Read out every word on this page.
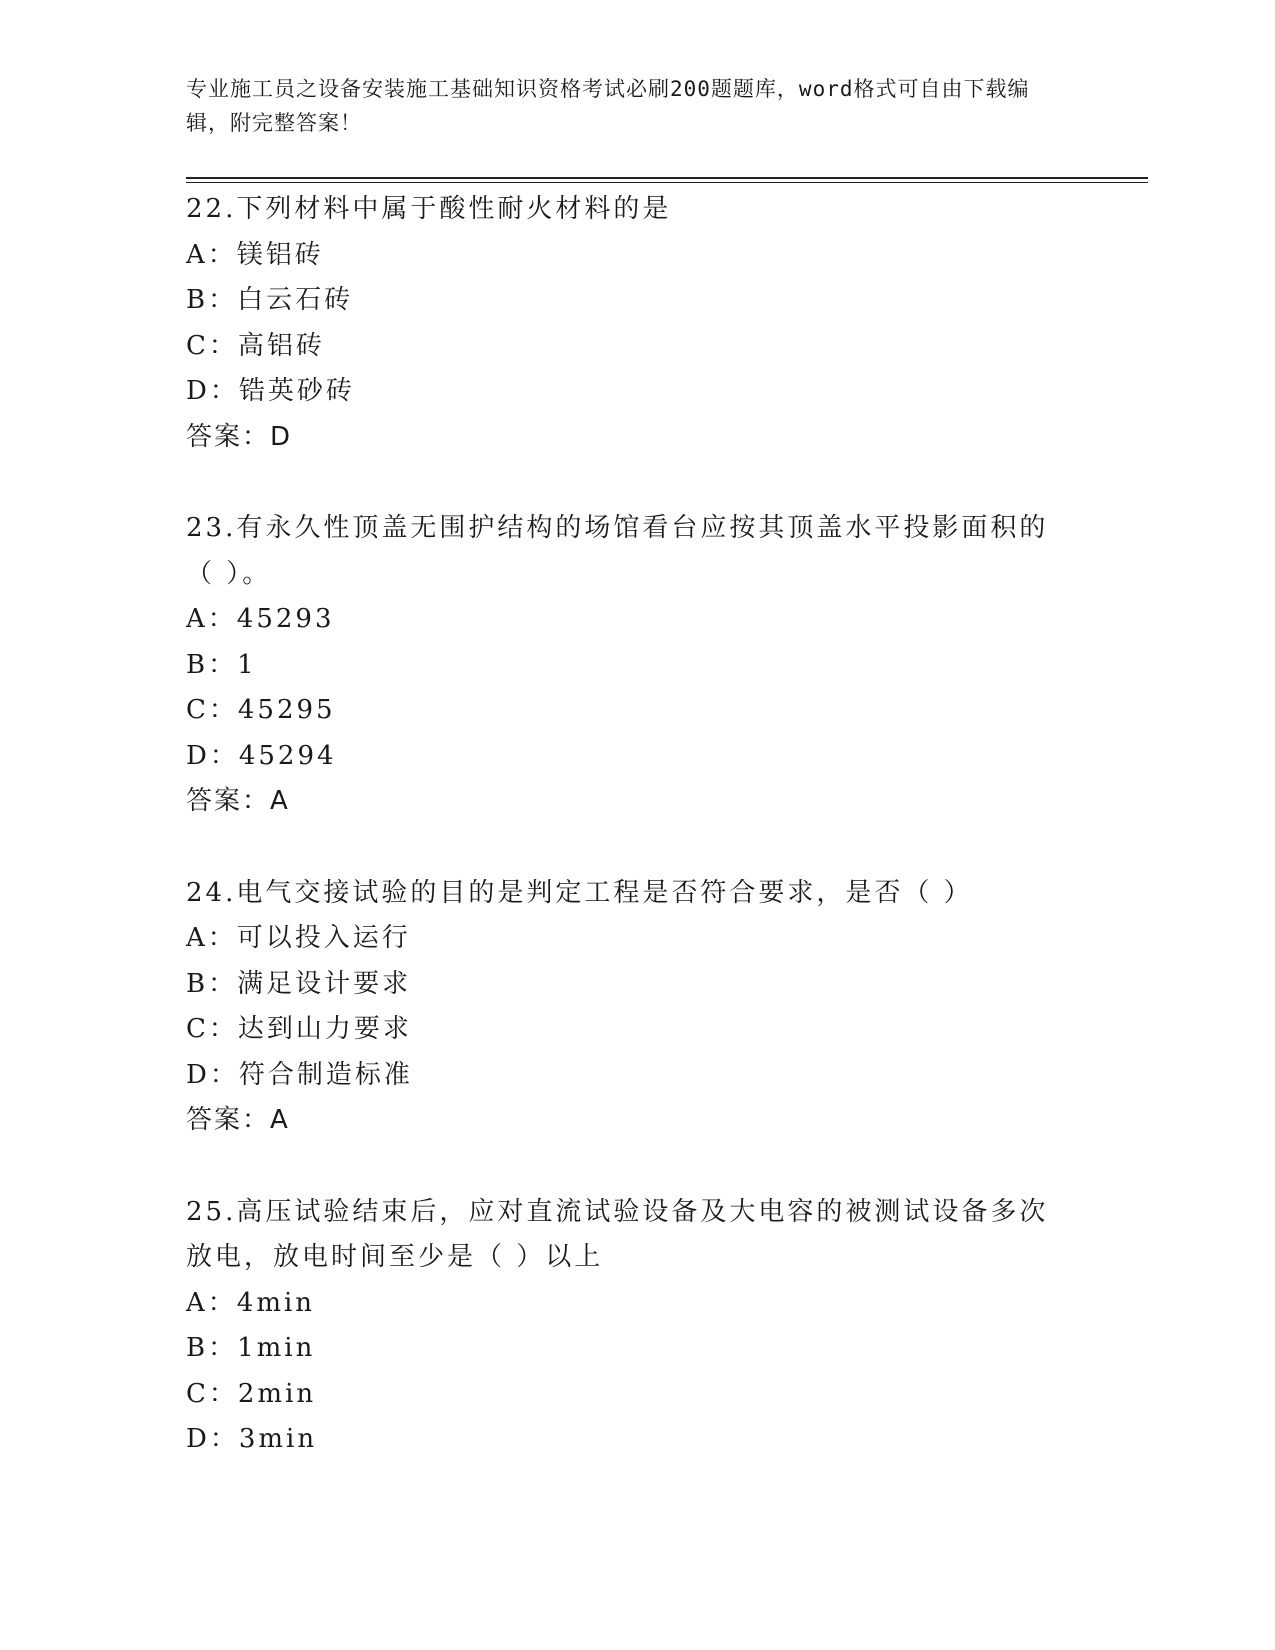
专业施工员之设备安装施工基础知识资格考试必刷200题题库，word格式可自由下载编辑，附完整答案！
22.下列材料中属于酸性耐火材料的是
A：镁铝砖
B：白云石砖
C：高铝砖
D：锆英砂砖
答案：D
23.有永久性顶盖无围护结构的场馆看台应按其顶盖水平投影面积的（ ）。
A：45293
B：1
C：45295
D：45294
答案：A
24.电气交接试验的目的是判定工程是否符合要求，是否（ ）
A：可以投入运行
B：满足设计要求
C：达到山力要求
D：符合制造标准
答案：A
25.高压试验结束后，应对直流试验设备及大电容的被测试设备多次放电，放电时间至少是（ ）以上
A：4min
B：1min
C：2min
D：3min
